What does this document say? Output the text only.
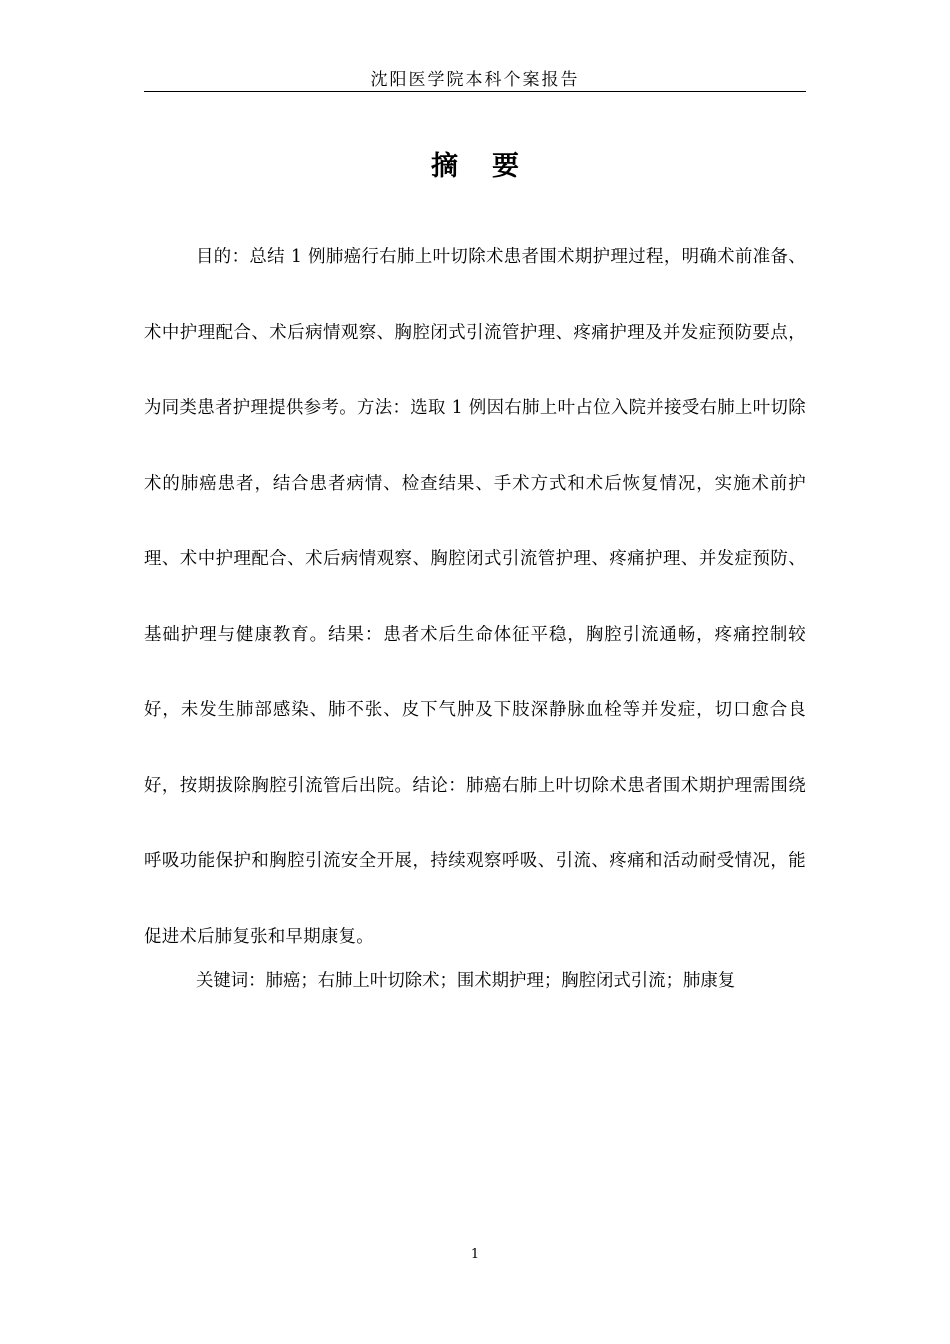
沈阳医学院本科个案报告
摘 要

目的：总结 1 例肺癌行右肺上叶切除术患者围术期护理过程，明确术前准备、术中护理配合、术后病情观察、胸腔闭式引流管护理、疼痛护理及并发症预防要点，为同类患者护理提供参考。方法：选取 1 例因右肺上叶占位入院并接受右肺上叶切除术的肺癌患者，结合患者病情、检查结果、手术方式和术后恢复情况，实施术前护理、术中护理配合、术后病情观察、胸腔闭式引流管护理、疼痛护理、并发症预防、基础护理与健康教育。结果：患者术后生命体征平稳，胸腔引流通畅，疼痛控制较好，未发生肺部感染、肺不张、皮下气肿及下肢深静脉血栓等并发症，切口愈合良好，按期拔除胸腔引流管后出院。结论：肺癌右肺上叶切除术患者围术期护理需围绕呼吸功能保护和胸腔引流安全开展，持续观察呼吸、引流、疼痛和活动耐受情况，能促进术后肺复张和早期康复。

关键词：肺癌；右肺上叶切除术；围术期护理；胸腔闭式引流；肺康复

1
